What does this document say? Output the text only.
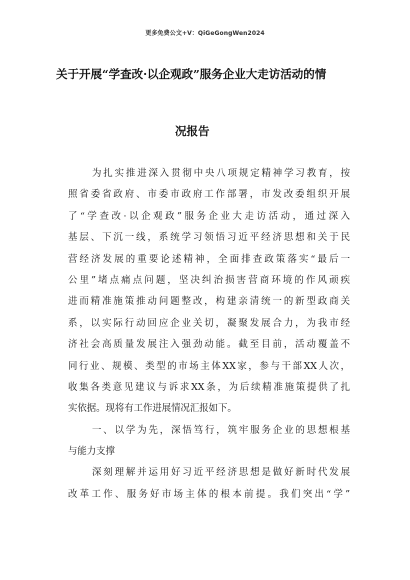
更多免费公文+V：QiGeGongWen2024
关于开展“学查改·以企观政”服务企业大走访活动的情
况报告
为扎实推进深入贯彻中央八项规定精神学习教育，按
照省委省政府、市委市政府工作部署，市发改委组织开展
了“学查改·以企观政”服务企业大走访活动，通过深入
基层、下沉一线，系统学习领悟习近平经济思想和关于民
营经济发展的重要论述精神，全面排查政策落实“最后一
公里”堵点痛点问题，坚决纠治损害营商环境的作风顽疾
进而精准施策推动问题整改，构建亲清统一的新型政商关
系，以实际行动回应企业关切，凝聚发展合力，为我市经
济社会高质量发展注入强劲动能。截至目前，活动覆盖不
同行业、规模、类型的市场主体XX家，参与干部XX人次，
收集各类意见建议与诉求XX条，为后续精准施策提供了扎
实依据。现将有工作进展情况汇报如下。
一、以学为先，深悟笃行，筑牢服务企业的思想根基
与能力支撑
深刻理解并运用好习近平经济思想是做好新时代发展
改革工作、服务好市场主体的根本前提。我们突出“学”
